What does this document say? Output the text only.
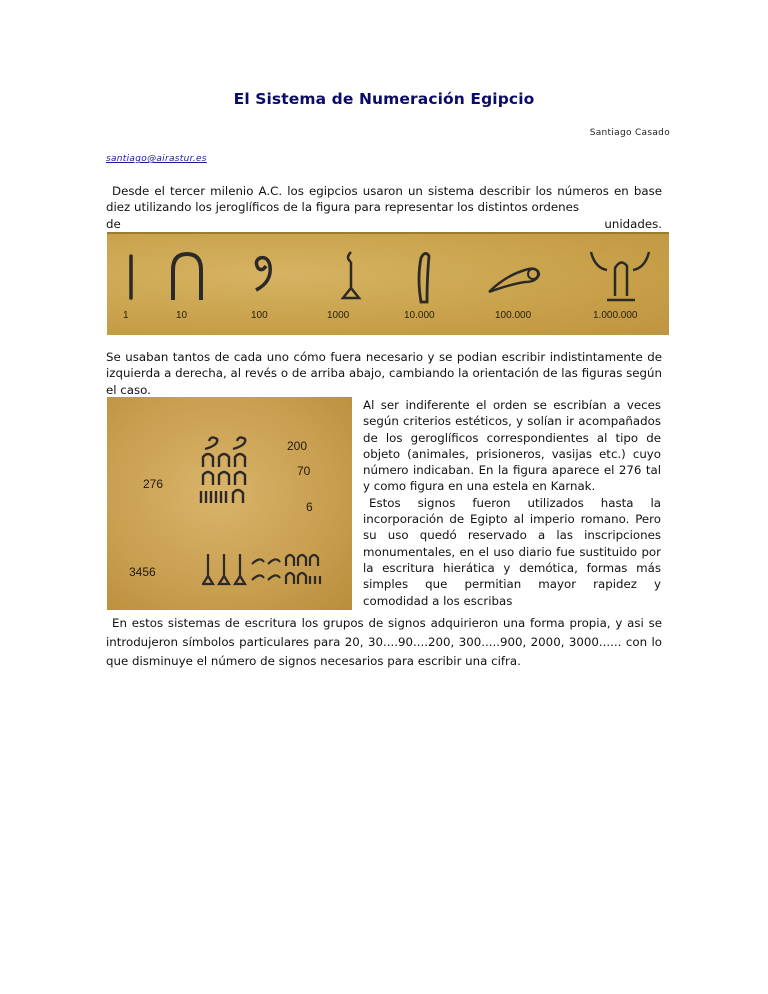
El Sistema de Numeración Egipcio
Santiago Casado
santiago@airastur.es
Desde el tercer milenio A.C. los egipcios usaron un sistema describir los números en base diez utilizando los jeroglíficos de la figura para representar los distintos ordenes
de	unidades.
1	10	100	1000	10.000	100.000	1.000.000
Se usaban tantos de cada uno cómo fuera necesario y se podian escribir indistintamente de izquierda a derecha, al revés o de arriba abajo, cambiando la orientación de las figuras según el caso.
200
276
70
6
3456
Al ser indiferente el orden se escribían a veces según criterios estéticos, y solían ir acompañados de los geroglíficos correspondientes al tipo de objeto (animales, prisioneros, vasijas etc.) cuyo número indicaban. En la figura aparece el 276 tal y como figura en una estela en Karnak.
Estos signos fueron utilizados hasta la incorporación de Egipto al imperio romano. Pero su uso quedó reservado a las inscripciones monumentales, en el uso diario fue sustituido por la escritura hierática y demótica, formas más simples que permitian mayor rapidez y comodidad a los escribas
En estos sistemas de escritura los grupos de signos adquirieron una forma propia, y asi se introdujeron símbolos particulares para 20, 30....90....200, 300.....900, 2000, 3000...... con lo que disminuye el número de signos necesarios para escribir una cifra.
